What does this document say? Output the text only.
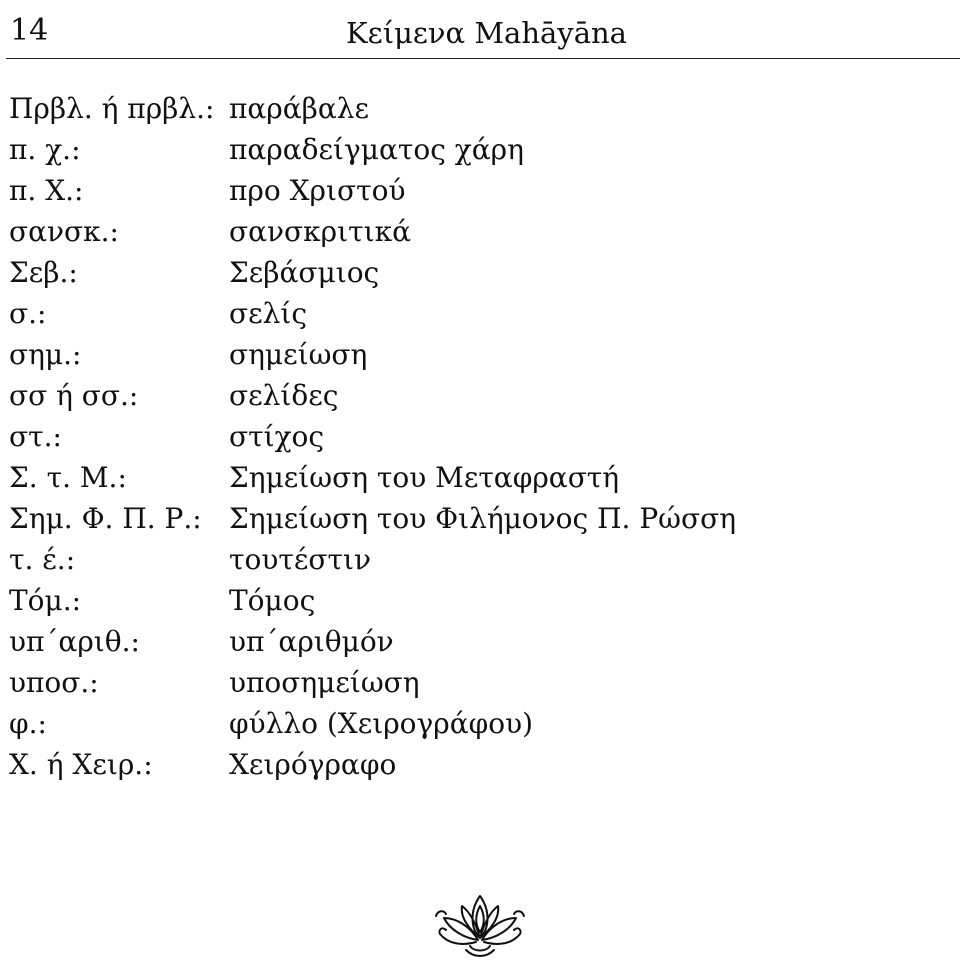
14	Κείμενα Mahāyāna
Πρβλ. ή πρβλ.: παράβαλε
π. χ.:	παραδείγματος χάρη
π. Χ.:	προ Χριστού
σανσκ.:	σανσκριτικά
Σεβ.:	Σεβάσμιος
σ.:	σελίς
σημ.:	σημείωση
σσ ή σσ.:	σελίδες
στ.:	στίχος
Σ. τ. Μ.:	Σημείωση του Μεταφραστή
Σημ. Φ. Π. Ρ.: Σημείωση του Φιλήμονος Π. Ρώσση
τ. έ.:	τουτέστιν
Τόμ.:	Τόμος
υπ΄αριθ.:	υπ΄αριθμόν
υποσ.:	υποσημείωση
φ.:	φύλλο (Χειρογράφου)
Χ. ή Χειρ.:	Χειρόγραφο
